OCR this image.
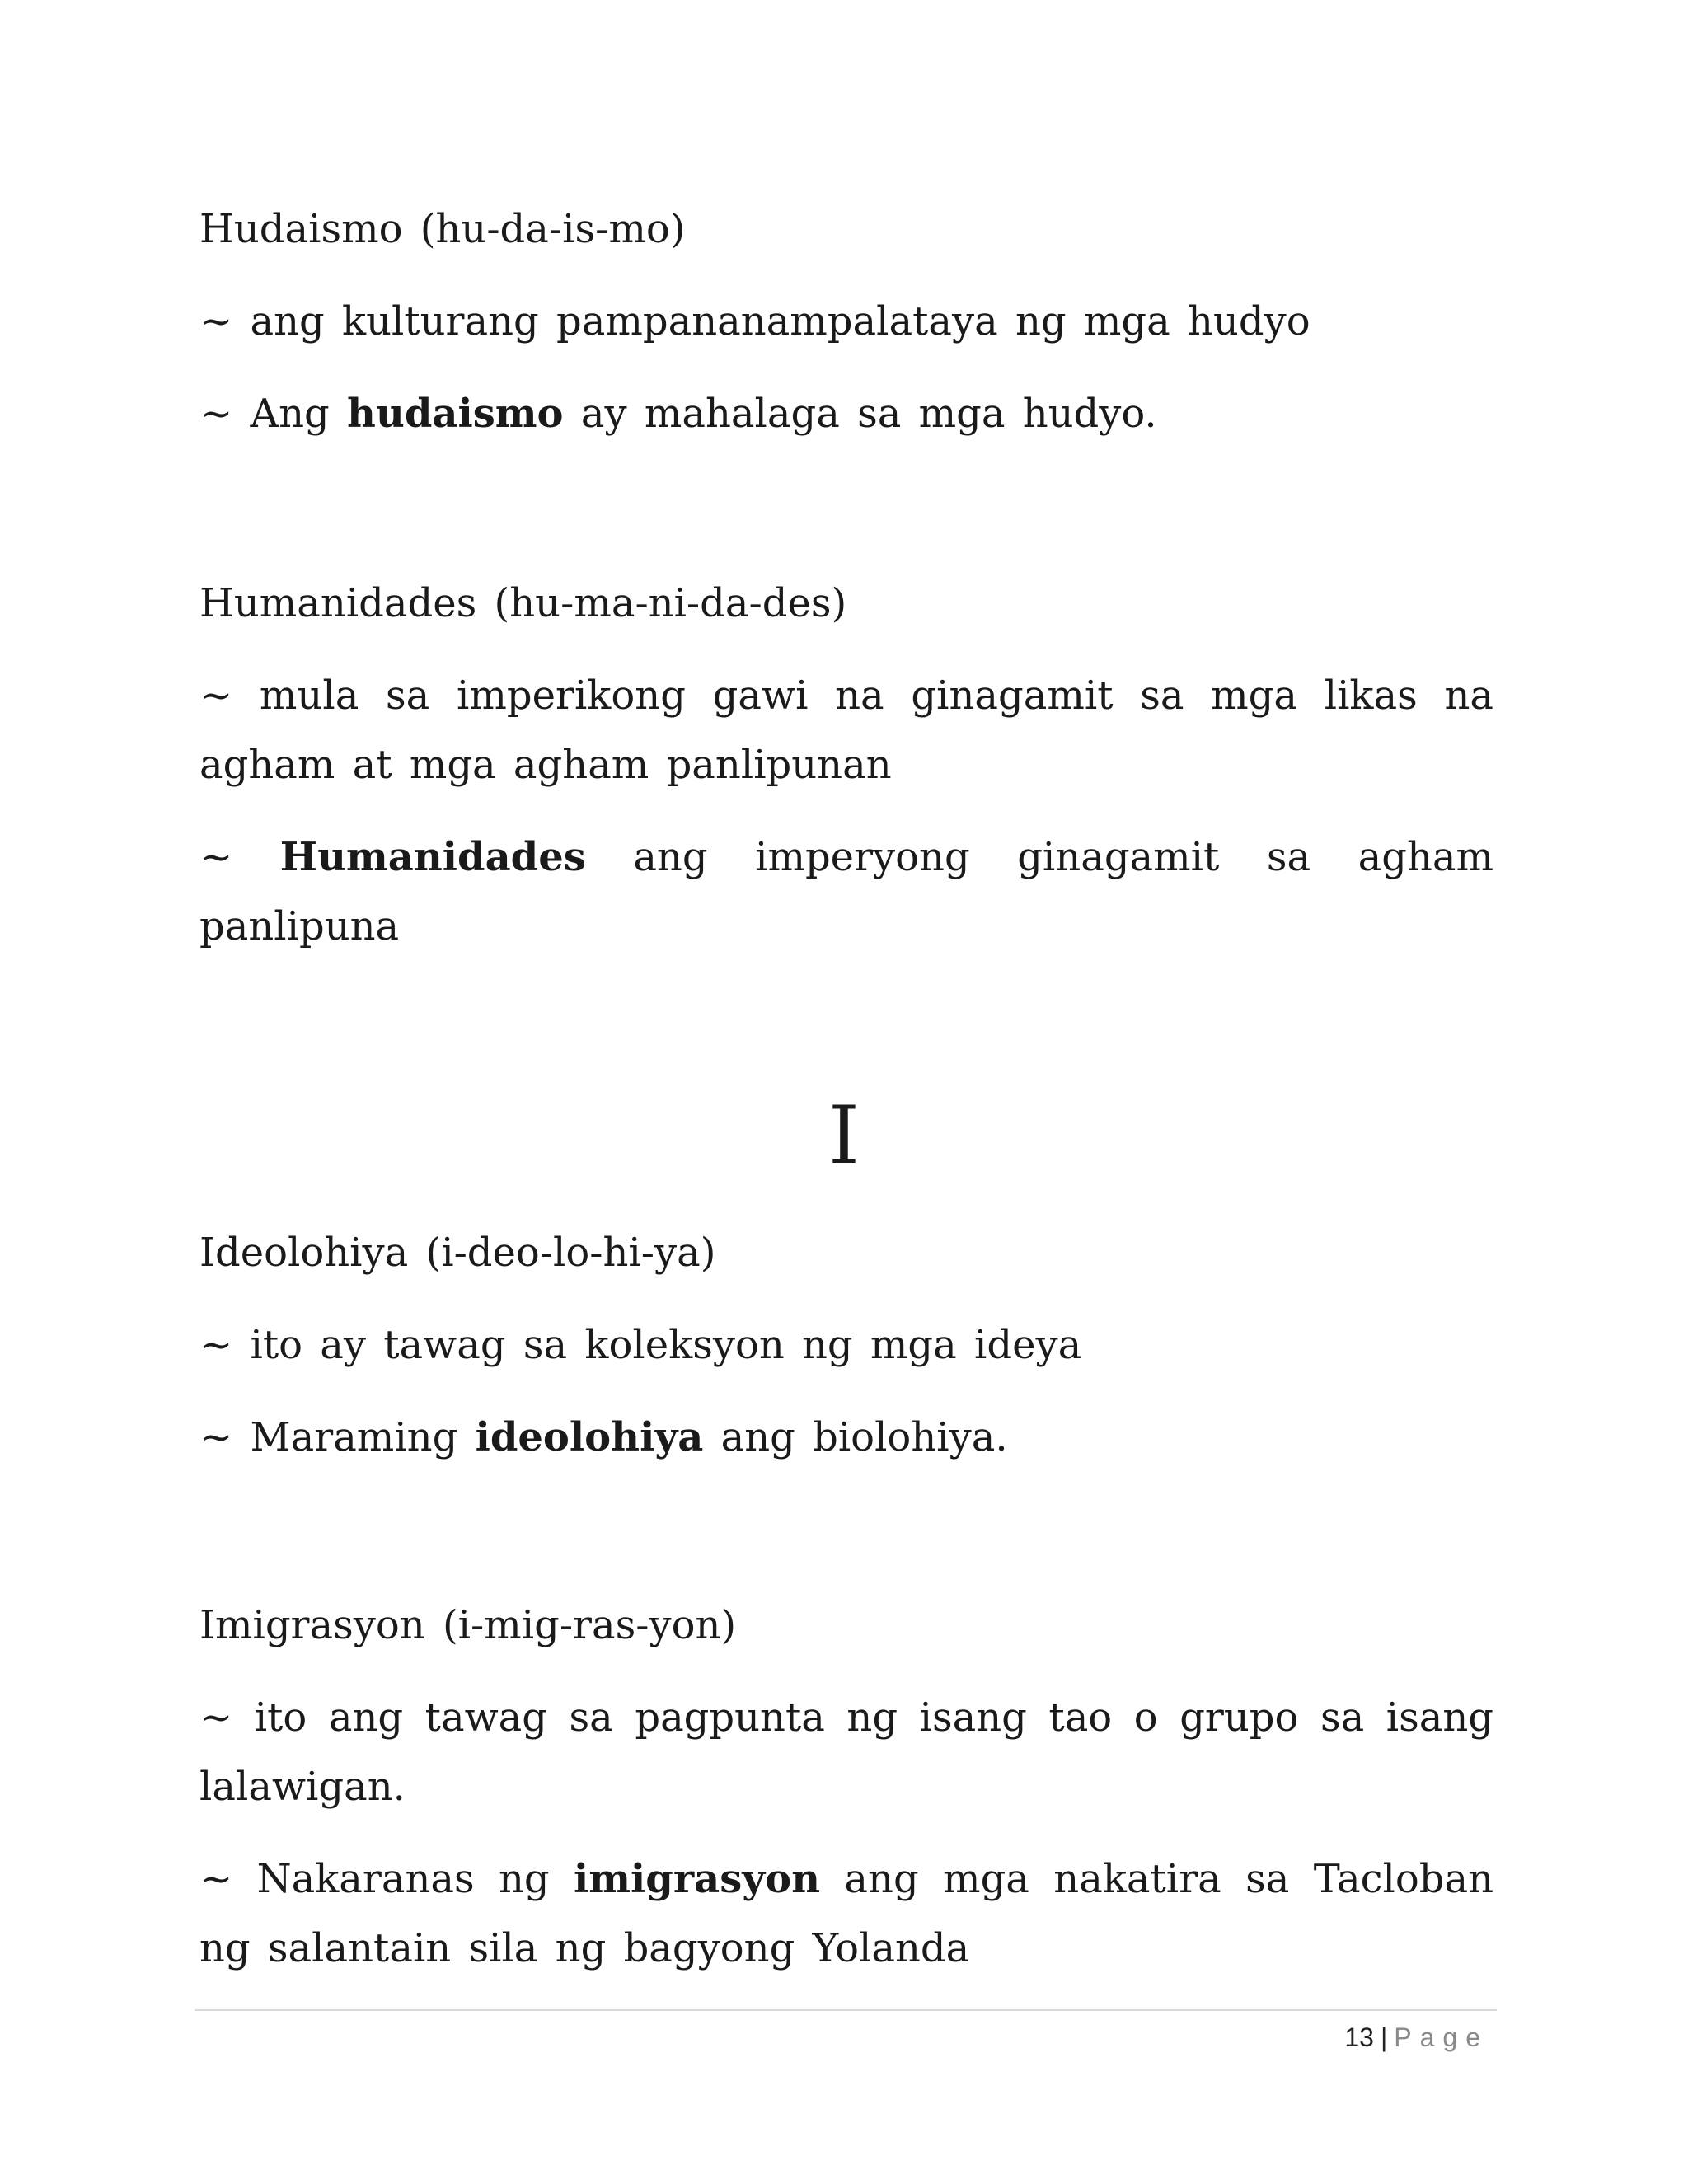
Hudaismo (hu-da-is-mo)

~ ang kulturang pampananampalataya ng mga hudyo

~ Ang hudaismo ay mahalaga sa mga hudyo.

Humanidades (hu-ma-ni-da-des)

~ mula sa imperikong gawi na ginagamit sa mga likas na agham at mga agham panlipunan

~ Humanidades ang imperyong ginagamit sa agham panlipuna

I

Ideolohiya (i-deo-lo-hi-ya)

~ ito ay tawag sa koleksyon ng mga ideya

~ Maraming ideolohiya ang biolohiya.

Imigrasyon (i-mig-ras-yon)

~ ito ang tawag sa pagpunta ng isang tao o grupo sa isang lalawigan.

~ Nakaranas ng imigrasyon ang mga nakatira sa Tacloban ng salantain sila ng bagyong Yolanda

13 | Page
